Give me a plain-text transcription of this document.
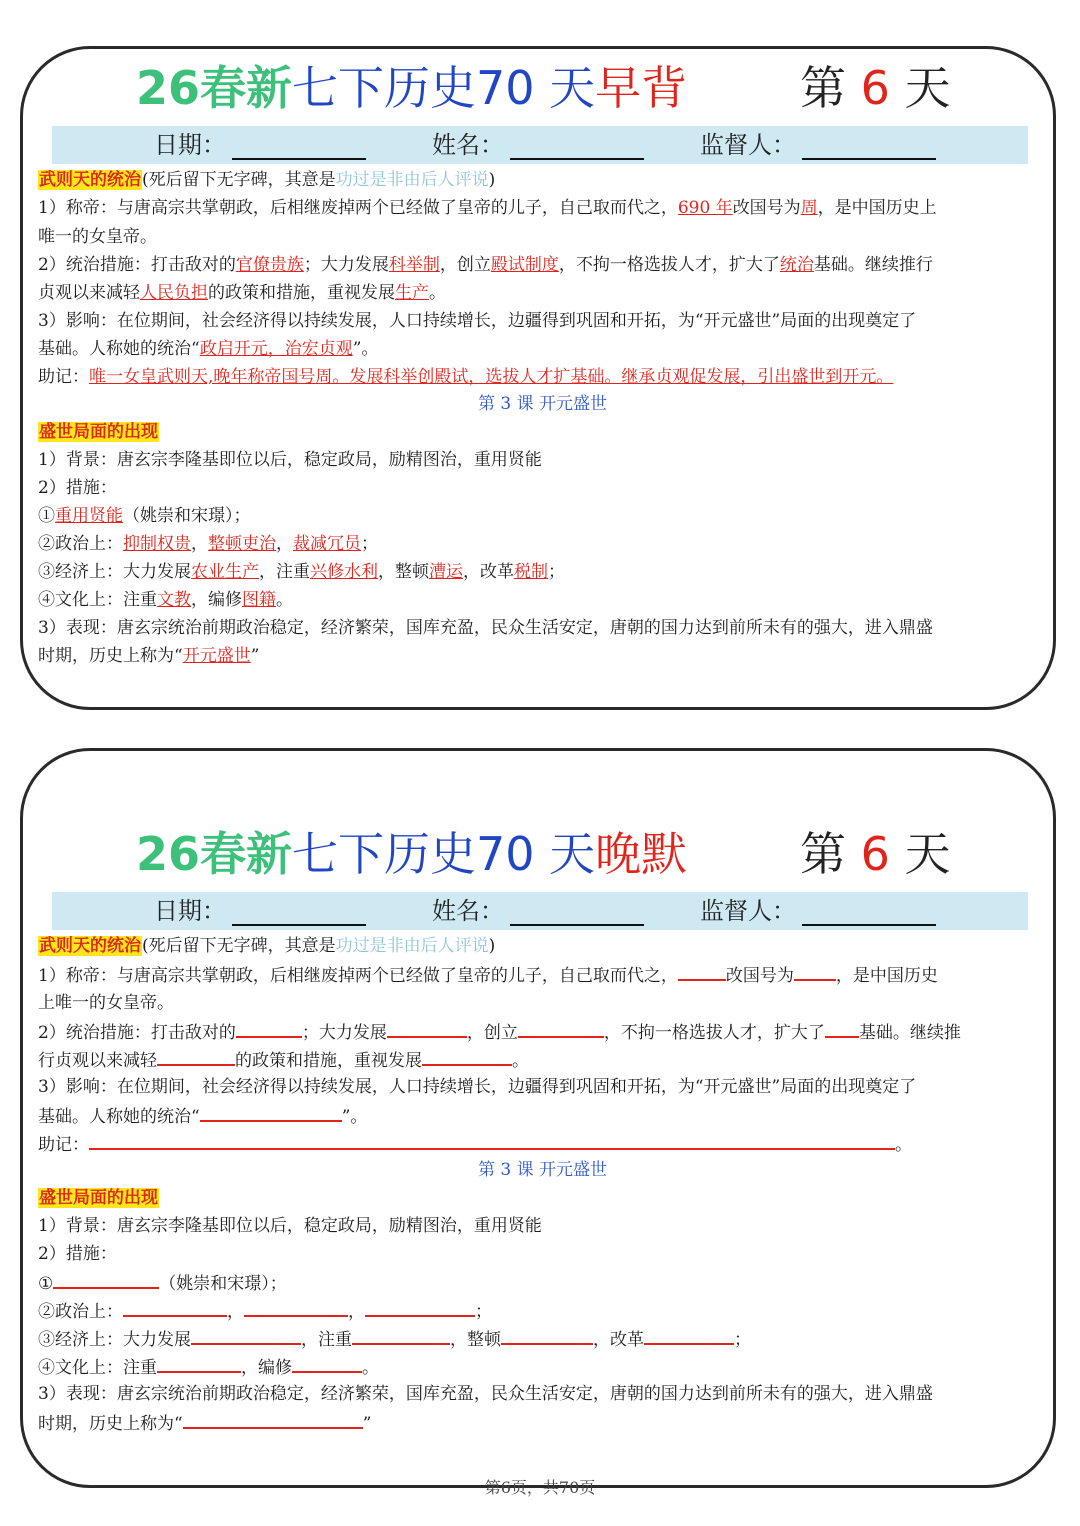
26春新七下历史70 天早背 第 6 天
日期：	姓名：	监督人：
武则天的统治(死后留下无字碑，其意是功过是非由后人评说)
1）称帝：与唐高宗共掌朝政，后相继废掉两个已经做了皇帝的儿子，自己取而代之，690 年改国号为周，是中国历史上
唯一的女皇帝。
2）统治措施：打击敌对的官僚贵族；大力发展科举制，创立殿试制度，不拘一格选拔人才，扩大了统治基础。继续推行
贞观以来减轻人民负担的政策和措施，重视发展生产。
3）影响：在位期间，社会经济得以持续发展，人口持续增长，边疆得到巩固和开拓，为“开元盛世”局面的出现奠定了
基础。人称她的统治“政启开元，治宏贞观”。
助记：唯一女皇武则天,晚年称帝国号周。发展科举创殿试，选拔人才扩基础。继承贞观促发展，引出盛世到开元。
第 3 课 开元盛世
盛世局面的出现
1）背景：唐玄宗李隆基即位以后，稳定政局，励精图治，重用贤能
2）措施：
①重用贤能（姚崇和宋璟）；
②政治上：抑制权贵，整顿吏治，裁减冗员；
③经济上：大力发展农业生产，注重兴修水利，整顿漕运，改革税制；
④文化上：注重文教，编修图籍。
3）表现：唐玄宗统治前期政治稳定，经济繁荣，国库充盈，民众生活安定，唐朝的国力达到前所未有的强大，进入鼎盛
时期，历史上称为“开元盛世”
26春新七下历史70 天晚默 第 6 天
日期：	姓名：	监督人：
武则天的统治(死后留下无字碑，其意是功过是非由后人评说)
1）称帝：与唐高宗共掌朝政，后相继废掉两个已经做了皇帝的儿子，自己取而代之，	改国号为 ，是中国历史
上唯一的女皇帝。
2）统治措施：打击敌对的	；大力发展	，创立	，不拘一格选拔人才，扩大了 基础。继续推
行贞观以来减轻	的政策和措施，重视发展	。
3）影响：在位期间，社会经济得以持续发展，人口持续增长，边疆得到巩固和开拓，为“开元盛世”局面的出现奠定了
基础。人称她的统治“	”。
助记：	。
第 3 课 开元盛世
盛世局面的出现
1）背景：唐玄宗李隆基即位以后，稳定政局，励精图治，重用贤能
2）措施：
①	（姚崇和宋璟）；
②政治上：	，	，	；
③经济上：大力发展	，注重	，整顿	，改革	；
④文化上：注重	，编修	。
3）表现：唐玄宗统治前期政治稳定，经济繁荣，国库充盈，民众生活安定，唐朝的国力达到前所未有的强大，进入鼎盛
时期，历史上称为“	”
第6页，共70页
